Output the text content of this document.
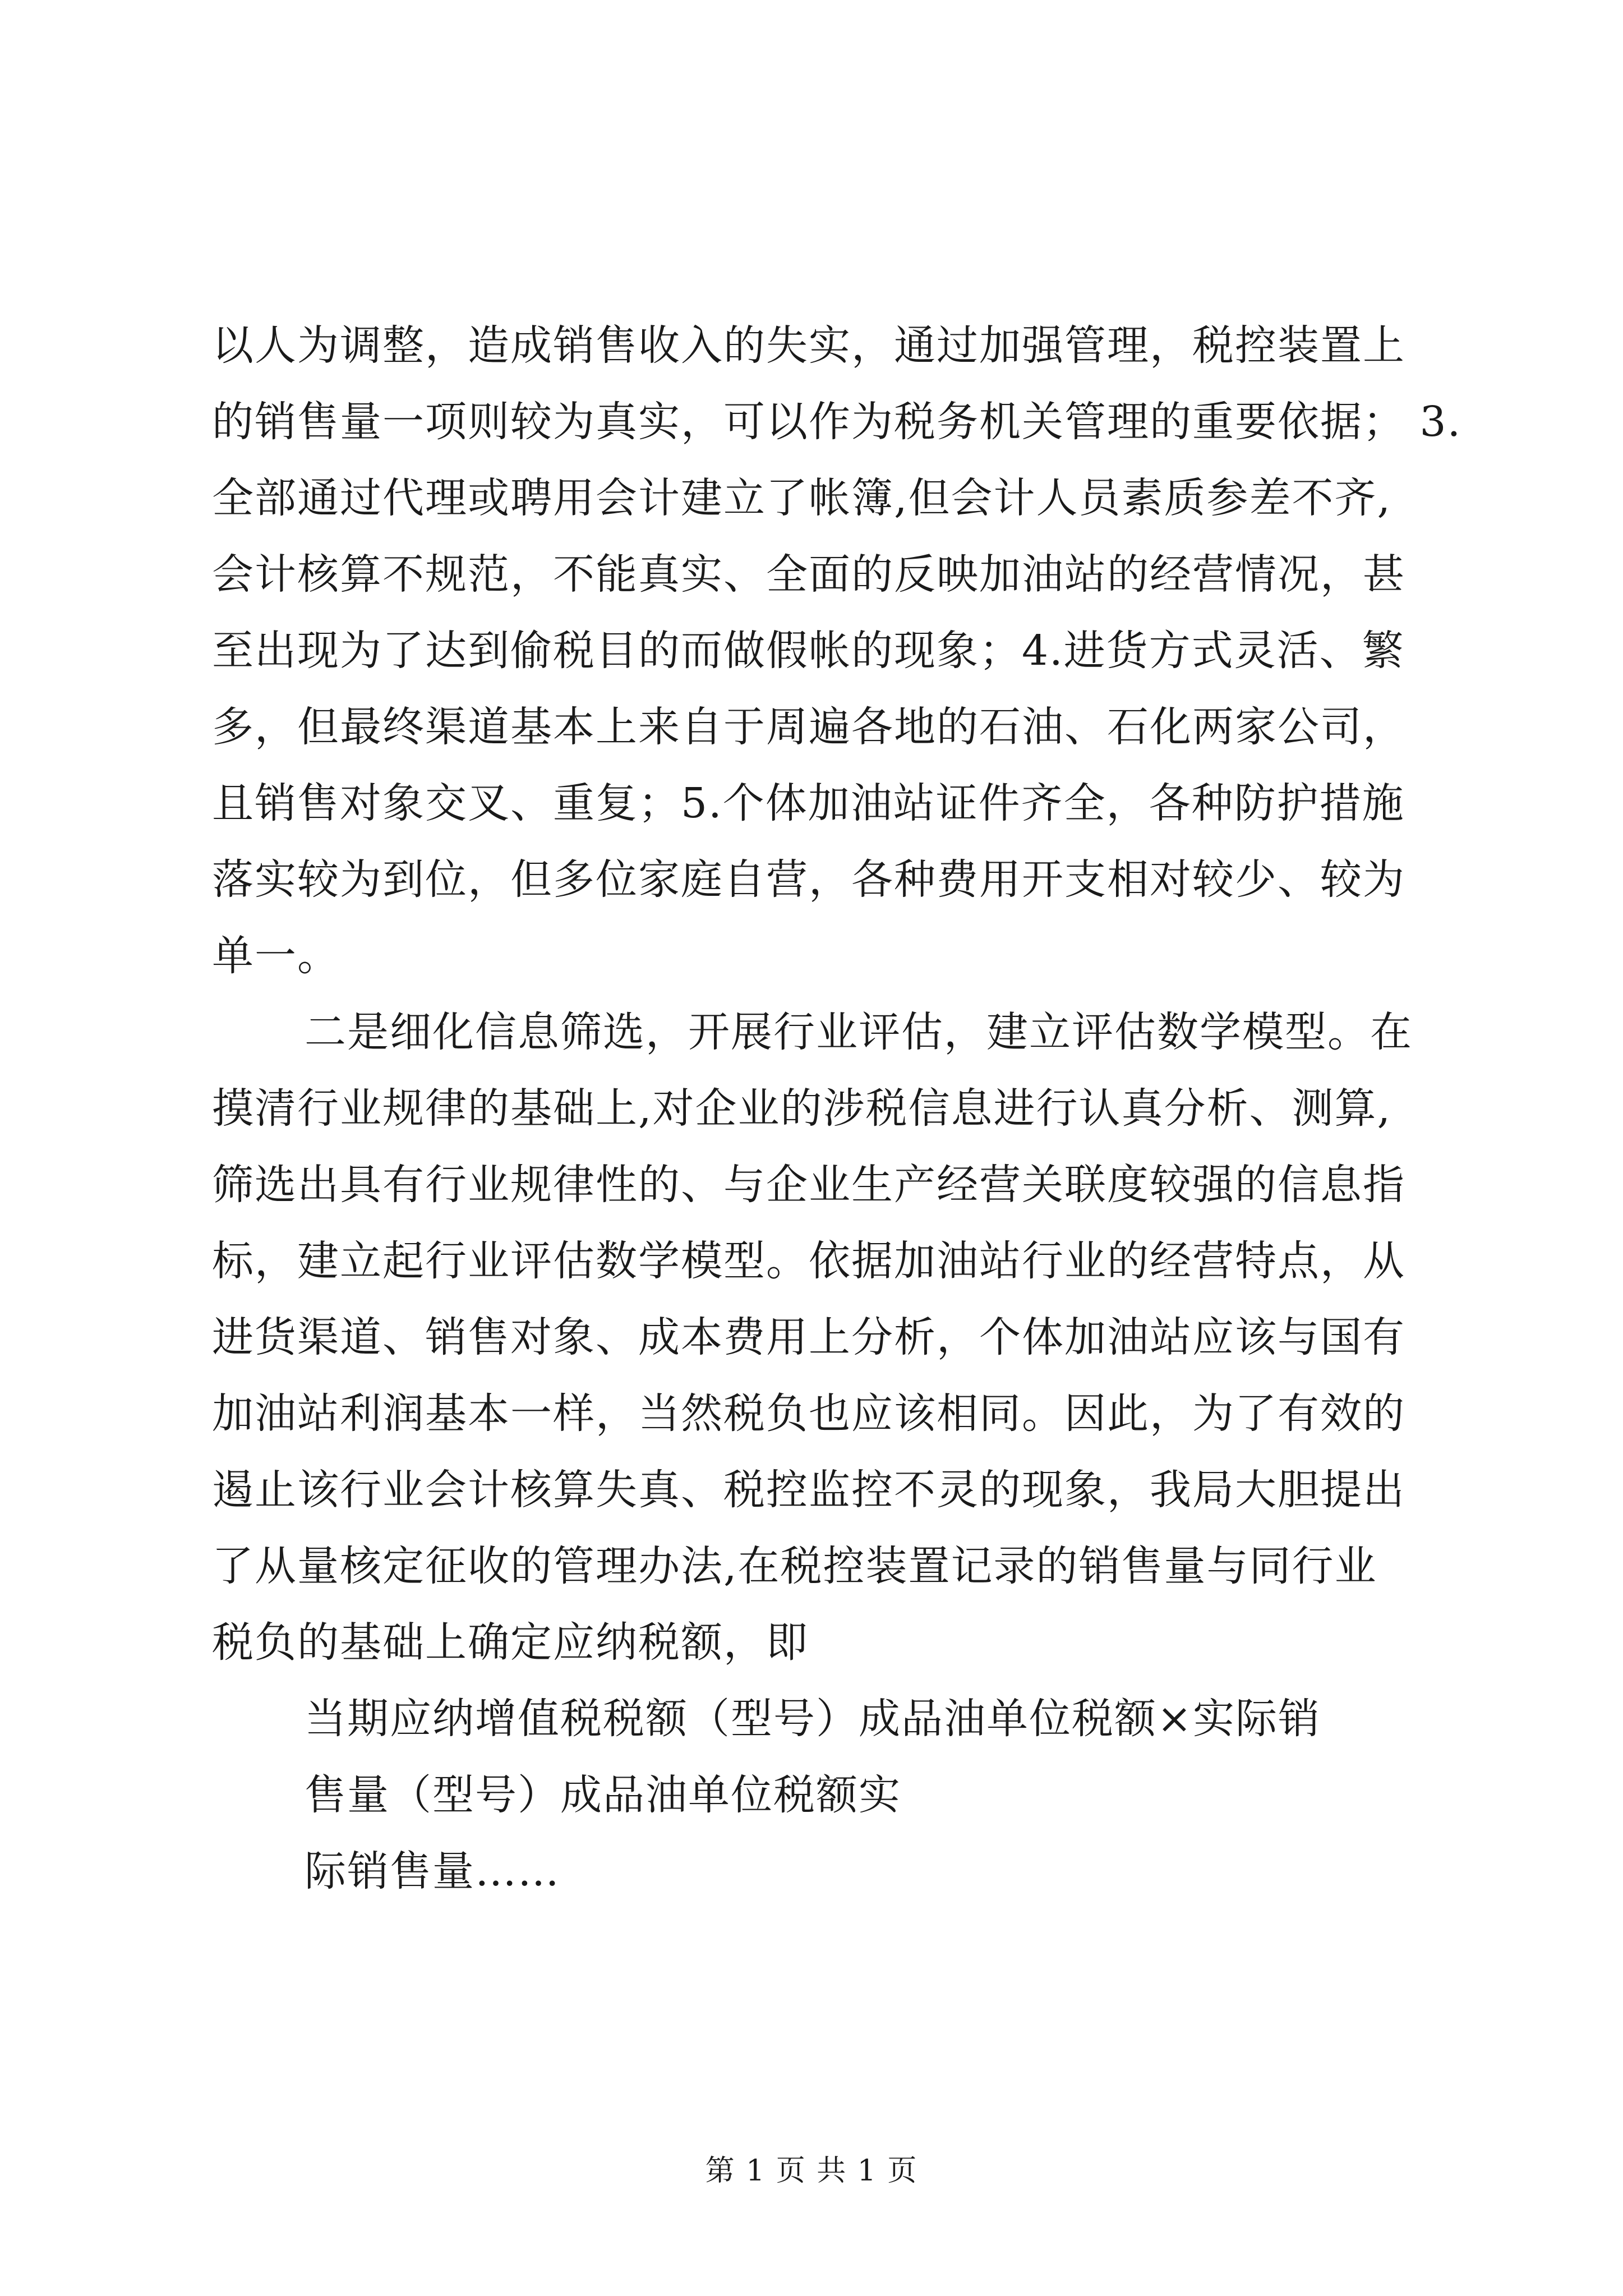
以人为调整，造成销售收入的失实，通过加强管理，税控装置上
的销售量一项则较为真实，可以作为税务机关管理的重要依据； 3.
全部通过代理或聘用会计建立了帐簿,但会计人员素质参差不齐,
会计核算不规范，不能真实、全面的反映加油站的经营情况，甚
至出现为了达到偷税目的而做假帐的现象；4.进货方式灵活、繁
多，但最终渠道基本上来自于周遍各地的石油、石化两家公司，
且销售对象交叉、重复；5.个体加油站证件齐全，各种防护措施
落实较为到位，但多位家庭自营，各种费用开支相对较少、较为
单一。
二是细化信息筛选，开展行业评估，建立评估数学模型。在
摸清行业规律的基础上,对企业的涉税信息进行认真分析、测算,
筛选出具有行业规律性的、与企业生产经营关联度较强的信息指
标，建立起行业评估数学模型。依据加油站行业的经营特点，从
进货渠道、销售对象、成本费用上分析，个体加油站应该与国有
加油站利润基本一样，当然税负也应该相同。因此，为了有效的
遏止该行业会计核算失真、税控监控不灵的现象，我局大胆提出
了从量核定征收的管理办法,在税控装置记录的销售量与同行业
税负的基础上确定应纳税额，即
当期应纳增值税税额（型号）成品油单位税额×实际销
售量（型号）成品油单位税额实
际销售量……
第 1 页 共 1 页
